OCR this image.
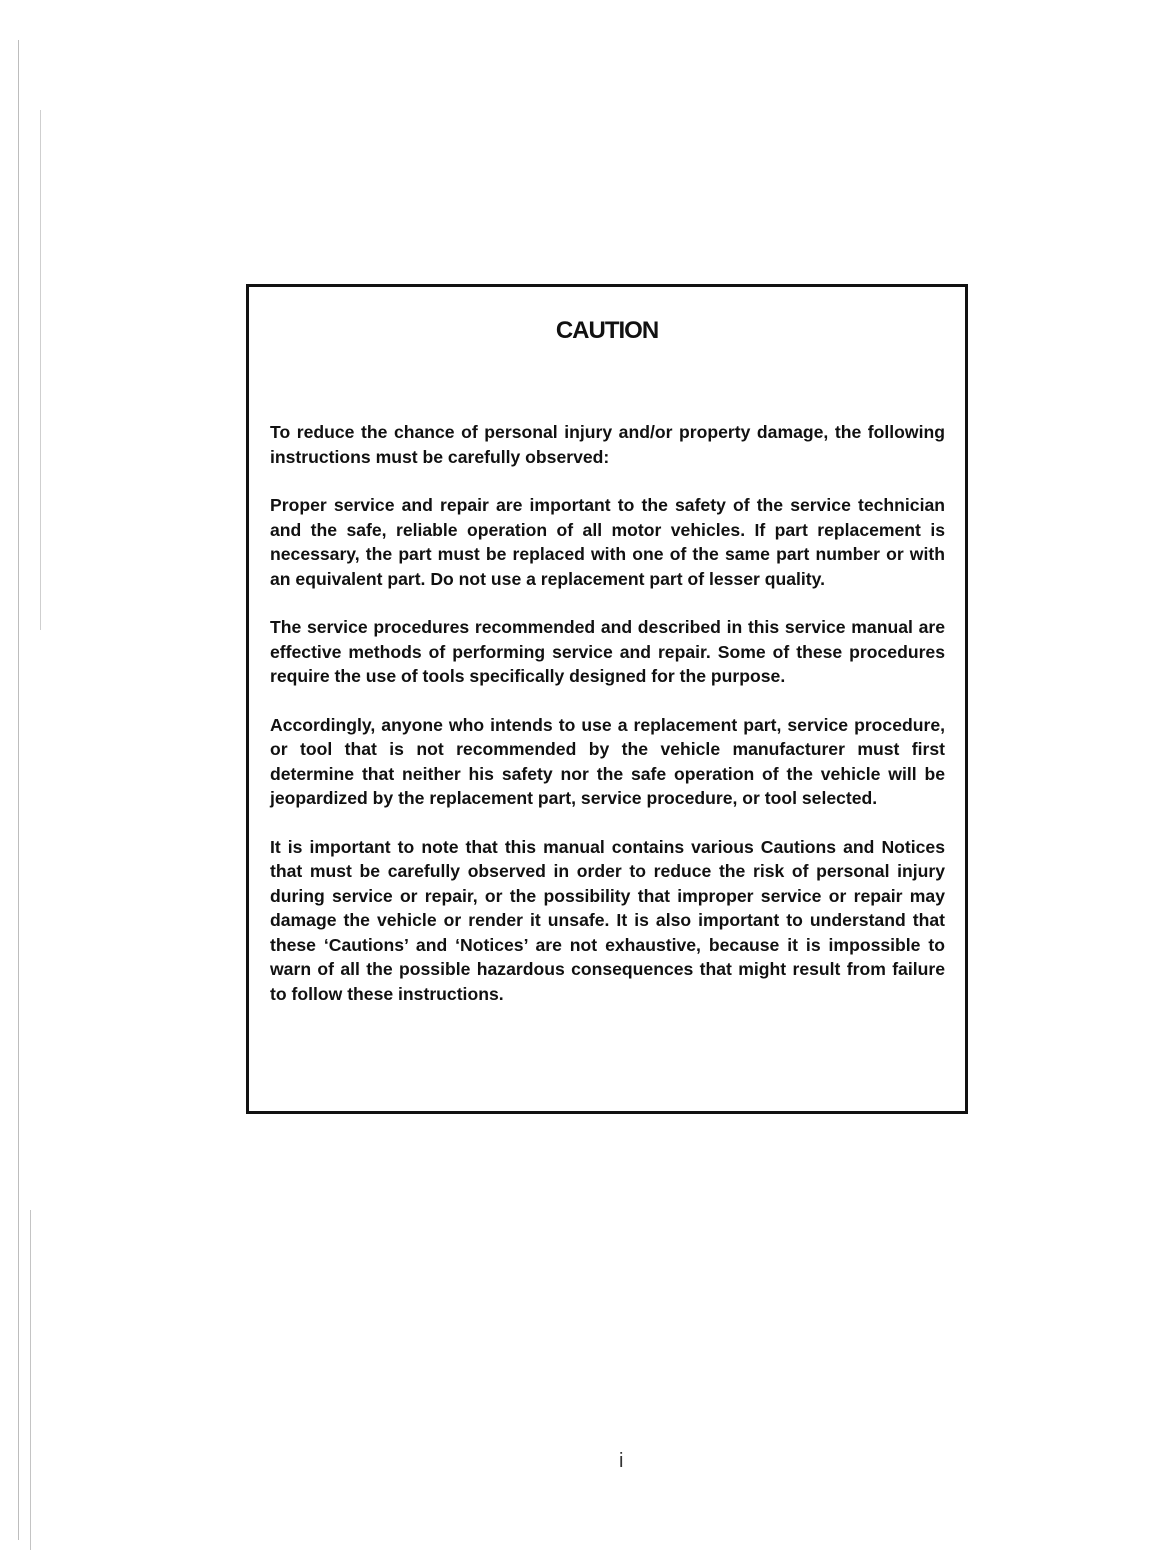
CAUTION

To reduce the chance of personal injury and/or property damage, the following instructions must be carefully observed:

Proper service and repair are important to the safety of the service technician and the safe, reliable operation of all motor vehicles. If part replacement is necessary, the part must be replaced with one of the same part number or with an equivalent part. Do not use a replacement part of lesser quality.

The service procedures recommended and described in this service manual are effective methods of performing service and repair. Some of these procedures require the use of tools specifically designed for the purpose.

Accordingly, anyone who intends to use a replacement part, service procedure, or tool that is not recommended by the vehicle manufacturer must first determine that neither his safety nor the safe operation of the vehicle will be jeopardized by the replacement part, service procedure, or tool selected.

It is important to note that this manual contains various Cautions and Notices that must be carefully observed in order to reduce the risk of personal injury during service or repair, or the possibility that improper service or repair may damage the vehicle or render it unsafe. It is also important to understand that these ‘Cautions’ and ‘Notices’ are not exhaustive, because it is impossible to warn of all the possible hazardous consequences that might result from failure to follow these instructions.

i
